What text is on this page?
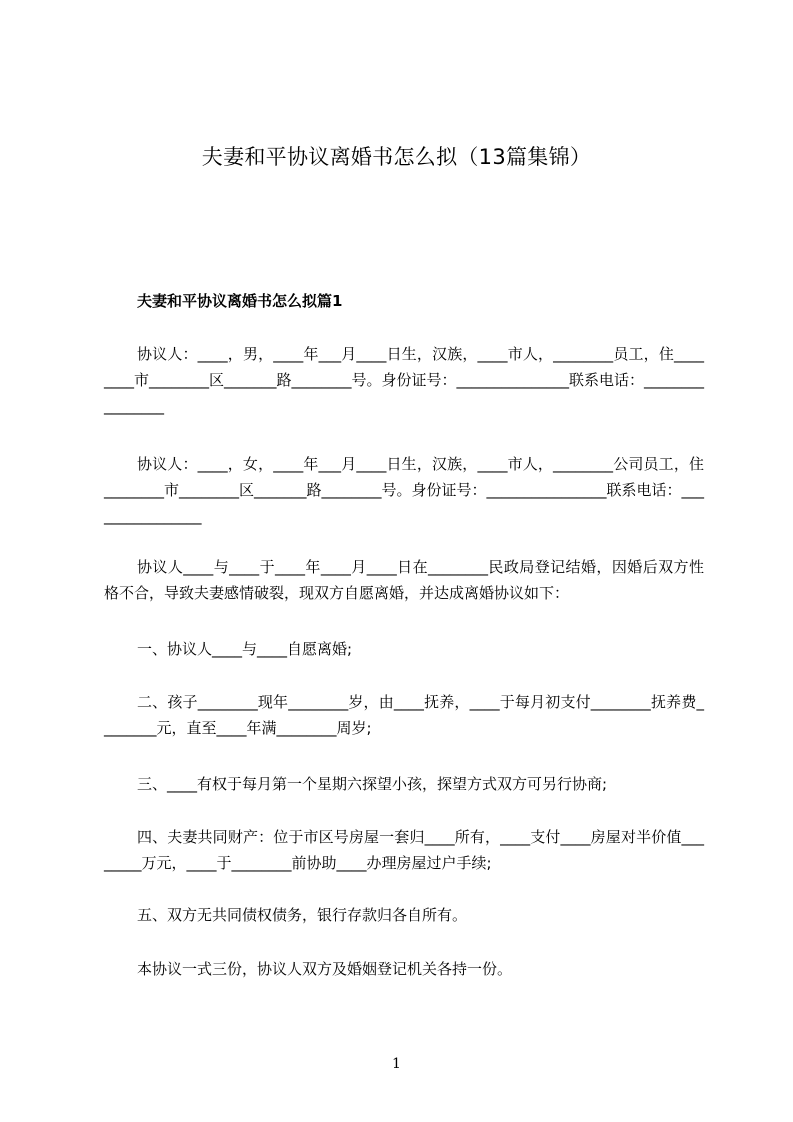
夫妻和平协议离婚书怎么拟（13篇集锦）
夫妻和平协议离婚书怎么拟篇1
协议人：____，男，____年___月____日生，汉族，____市人，________员工，住________市________区_______路________号。身份证号：_______________联系电话：________________
协议人：____，女，____年___月____日生，汉族，____市人，________公司员工，住________市________区_______路________号。身份证号：________________联系电话：________________
协议人____与____于____年____月____日在________民政局登记结婚，因婚后双方性格不合，导致夫妻感情破裂，现双方自愿离婚，并达成离婚协议如下：
一、协议人____与____自愿离婚;
二、孩子________现年________岁，由____抚养，____于每月初支付________抚养费________元，直至____年满________周岁;
三、____有权于每月第一个星期六探望小孩，探望方式双方可另行协商;
四、夫妻共同财产：位于市区号房屋一套归____所有，____支付____房屋对半价值________万元，____于________前协助____办理房屋过户手续;
五、双方无共同债权债务，银行存款归各自所有。
本协议一式三份，协议人双方及婚姻登记机关各持一份。
1
